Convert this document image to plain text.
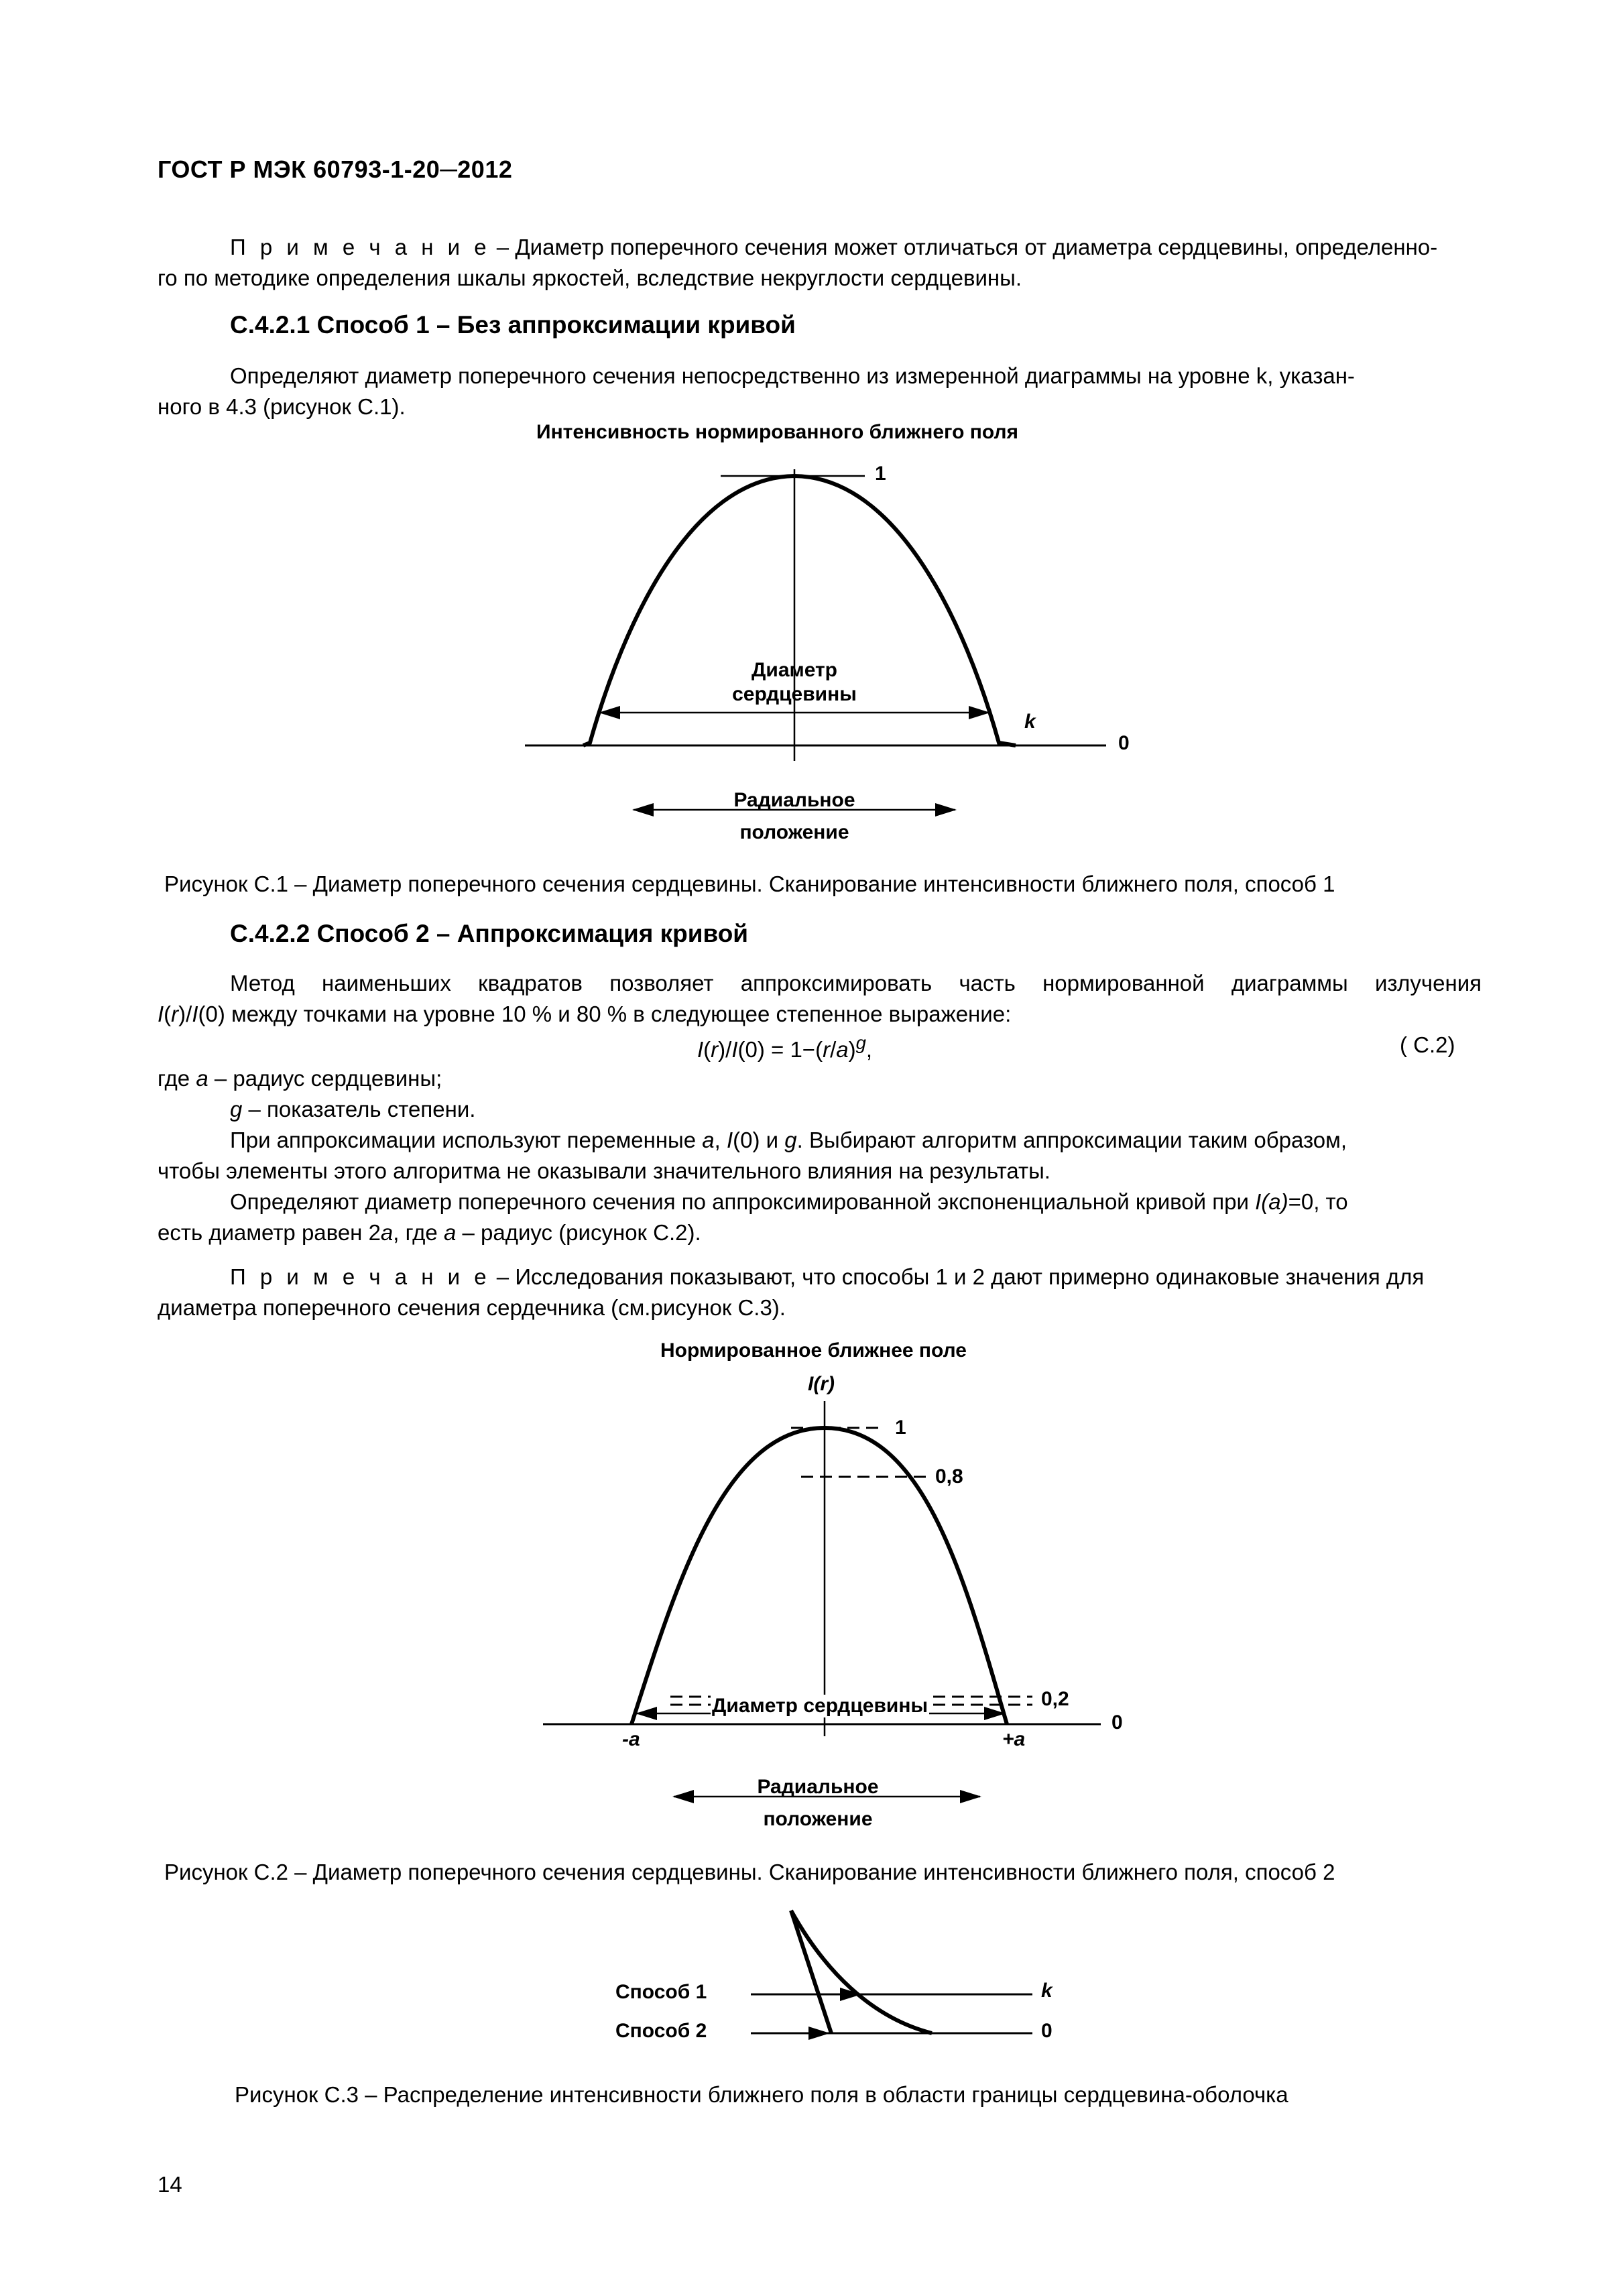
ГОСТ Р МЭК 60793-1-20─2012
П р и м е ч а н и е – Диаметр поперечного сечения может отличаться от диаметра сердцевины, определенно-
го по методике определения шкалы яркостей, вследствие некруглости сердцевины.
С.4.2.1 Способ 1 – Без аппроксимации кривой
Определяют диаметр поперечного сечения непосредственно из измеренной диаграммы на уровне k, указан-
ного в 4.3 (рисунок С.1).
Интенсивность нормированного ближнего поля
1
k
0
Диаметр
сердцевины
Радиальное
положение
Рисунок С.1 – Диаметр поперечного сечения сердцевины. Сканирование интенсивности ближнего поля, способ 1
С.4.2.2 Способ 2 – Аппроксимация кривой
Метод наименьших квадратов позволяет аппроксимировать часть нормированной диаграммы излучения
I(r)/I(0) между точками на уровне 10 % и 80 % в следующее степенное выражение:
$I(r)/I(0) = 1-(r/a)^g$,	( С.2)
где a – радиус сердцевины;
g – показатель степени.
При аппроксимации используют переменные a, I(0) и g. Выбирают алгоритм аппроксимации таким образом,
чтобы элементы этого алгоритма не оказывали значительного влияния на результаты.
Определяют диаметр поперечного сечения по аппроксимированной экспоненциальной кривой при I(a)=0, то
есть диаметр равен 2a, где a – радиус (рисунок С.2).
П р и м е ч а н и е – Исследования показывают, что способы 1 и 2 дают примерно одинаковые значения для
диаметра поперечного сечения сердечника (см.рисунок С.3).
Нормированное ближнее поле
I(r)
1
0,8
0,2
0
-a	+a
Диаметр сердцевины
Радиальное
положение
Рисунок С.2 – Диаметр поперечного сечения сердцевины. Сканирование интенсивности ближнего поля, способ 2
Способ 1
Способ 2
k
0
Рисунок С.3 – Распределение интенсивности ближнего поля в области границы сердцевина-оболочка
14
